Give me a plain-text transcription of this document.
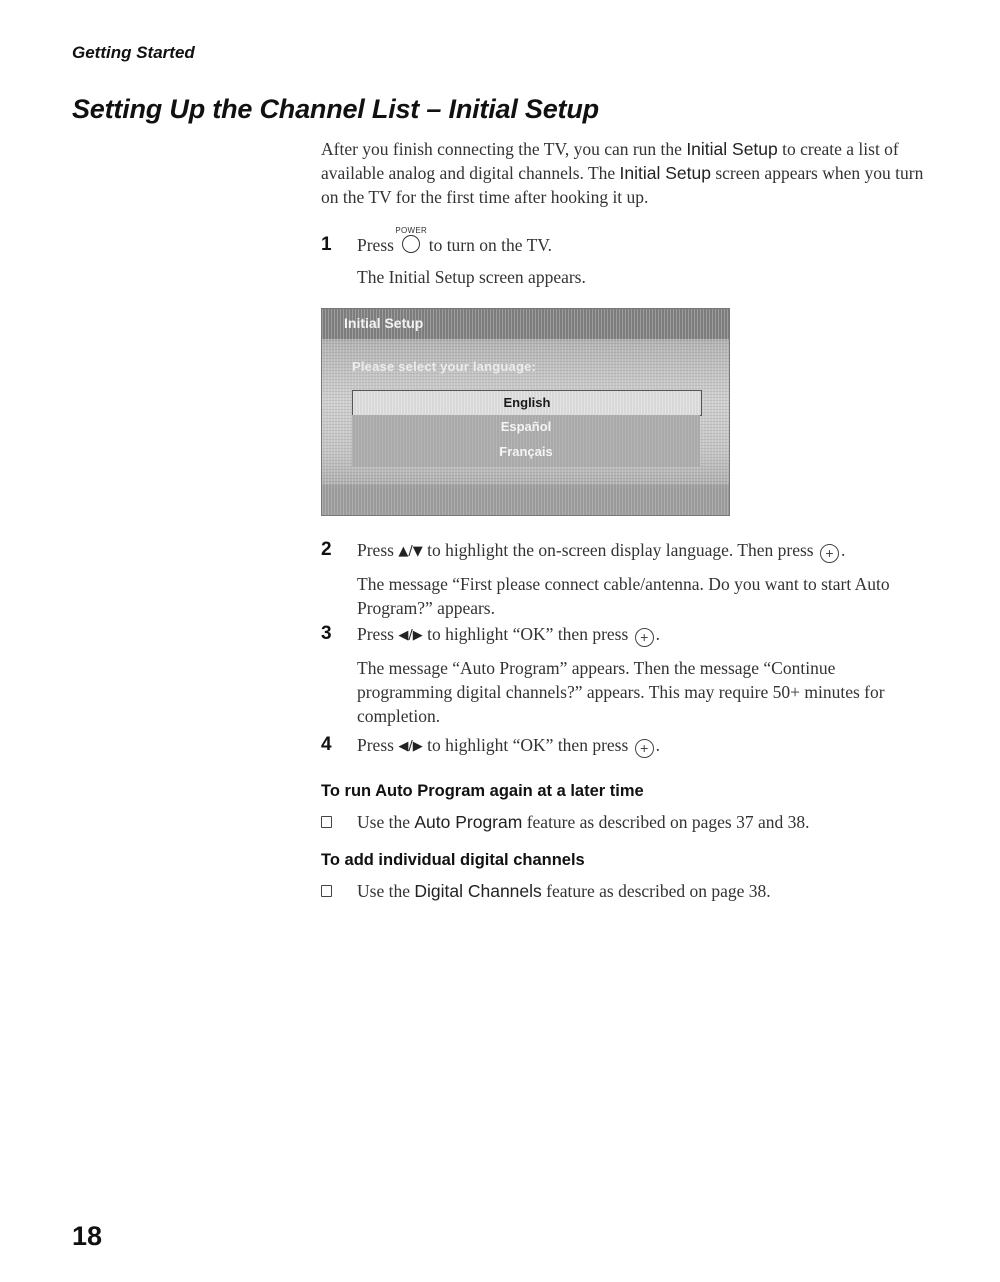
Getting Started
Setting Up the Channel List – Initial Setup
After you finish connecting the TV, you can run the Initial Setup to create a list of available analog and digital channels. The Initial Setup screen appears when you turn on the TV for the first time after hooking it up.
1 Press
POWER
to turn on the TV.
The Initial Setup screen appears.
Initial Setup
Please select your language:
English
Español
Français
2 Press ▲/▼ to highlight the on-screen display language. Then press + .
The message “First please connect cable/antenna. Do you want to start Auto Program?” appears.
3 Press ◀/▶ to highlight “OK” then press + .
The message “Auto Program” appears. Then the message “Continue programming digital channels?” appears. This may require 50+ minutes for completion.
4 Press ◀/▶ to highlight “OK” then press + .
To run Auto Program again at a later time
Use the Auto Program feature as described on pages 37 and 38.
To add individual digital channels
Use the Digital Channels feature as described on page 38.
18
